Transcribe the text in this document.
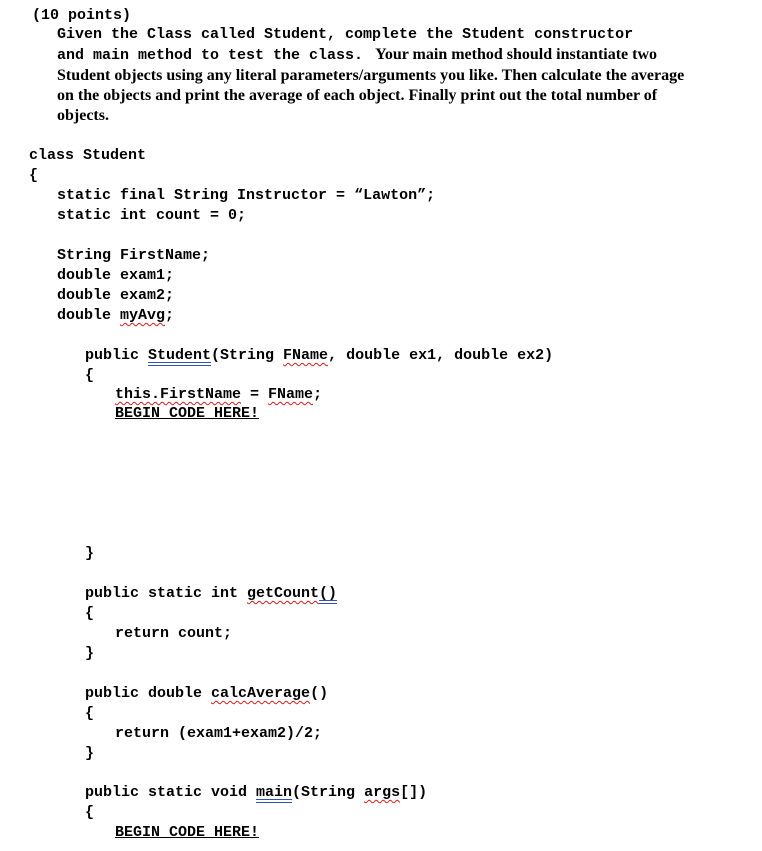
(10 points)
Given the Class called Student, complete the Student constructor
and main method to test the class. Your main method should instantiate two
Student objects using any literal parameters/arguments you like. Then calculate the average
on the objects and print the average of each object. Finally print out the total number of
objects.
class Student
{
static final String Instructor = “Lawton”;
static int count = 0;
String FirstName;
double exam1;
double exam2;
double myAvg;
public Student(String FName, double ex1, double ex2)
{
this.FirstName = FName;
BEGIN CODE HERE!
}
public static int getCount()
{
return count;
}
public double calcAverage()
{
return (exam1+exam2)/2;
}
public static void main(String args[])
{
BEGIN CODE HERE!
